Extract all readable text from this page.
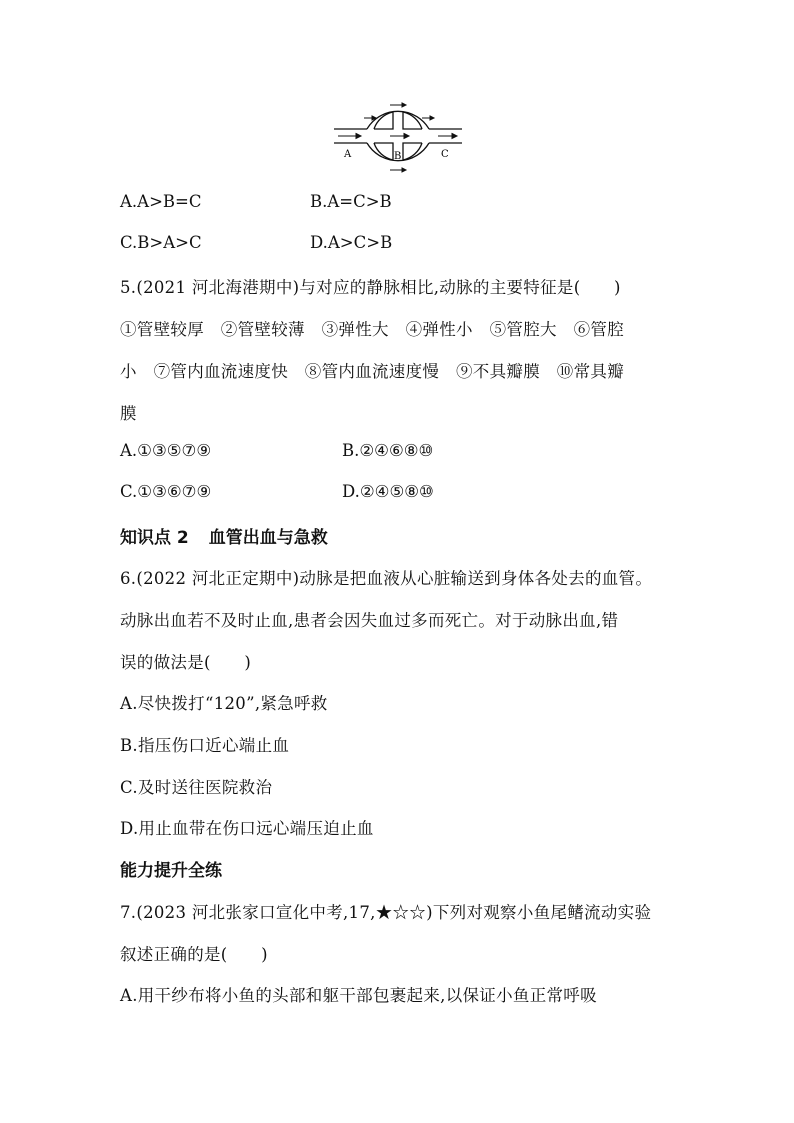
A	B	C
A.A>B=C	B.A=C>B
C.B>A>C	D.A>C>B
5.(2021 河北海港期中)与对应的静脉相比,动脉的主要特征是(　　)
①管壁较厚　②管壁较薄　③弹性大　④弹性小　⑤管腔大　⑥管腔
小　⑦管内血流速度快　⑧管内血流速度慢　⑨不具瓣膜　⑩常具瓣
膜
A.①③⑤⑦⑨	B.②④⑥⑧⑩
C.①③⑥⑦⑨	D.②④⑤⑧⑩
知识点 2 血管出血与急救
6.(2022 河北正定期中)动脉是把血液从心脏输送到身体各处去的血管。
动脉出血若不及时止血,患者会因失血过多而死亡。对于动脉出血,错
误的做法是(　　)
A.尽快拨打“120”,紧急呼救
B.指压伤口近心端止血
C.及时送往医院救治
D.用止血带在伤口远心端压迫止血
能力提升全练
7.(2023 河北张家口宣化中考,17,★☆☆)下列对观察小鱼尾鳍流动实验
叙述正确的是(　　)
A.用干纱布将小鱼的头部和躯干部包裹起来,以保证小鱼正常呼吸
